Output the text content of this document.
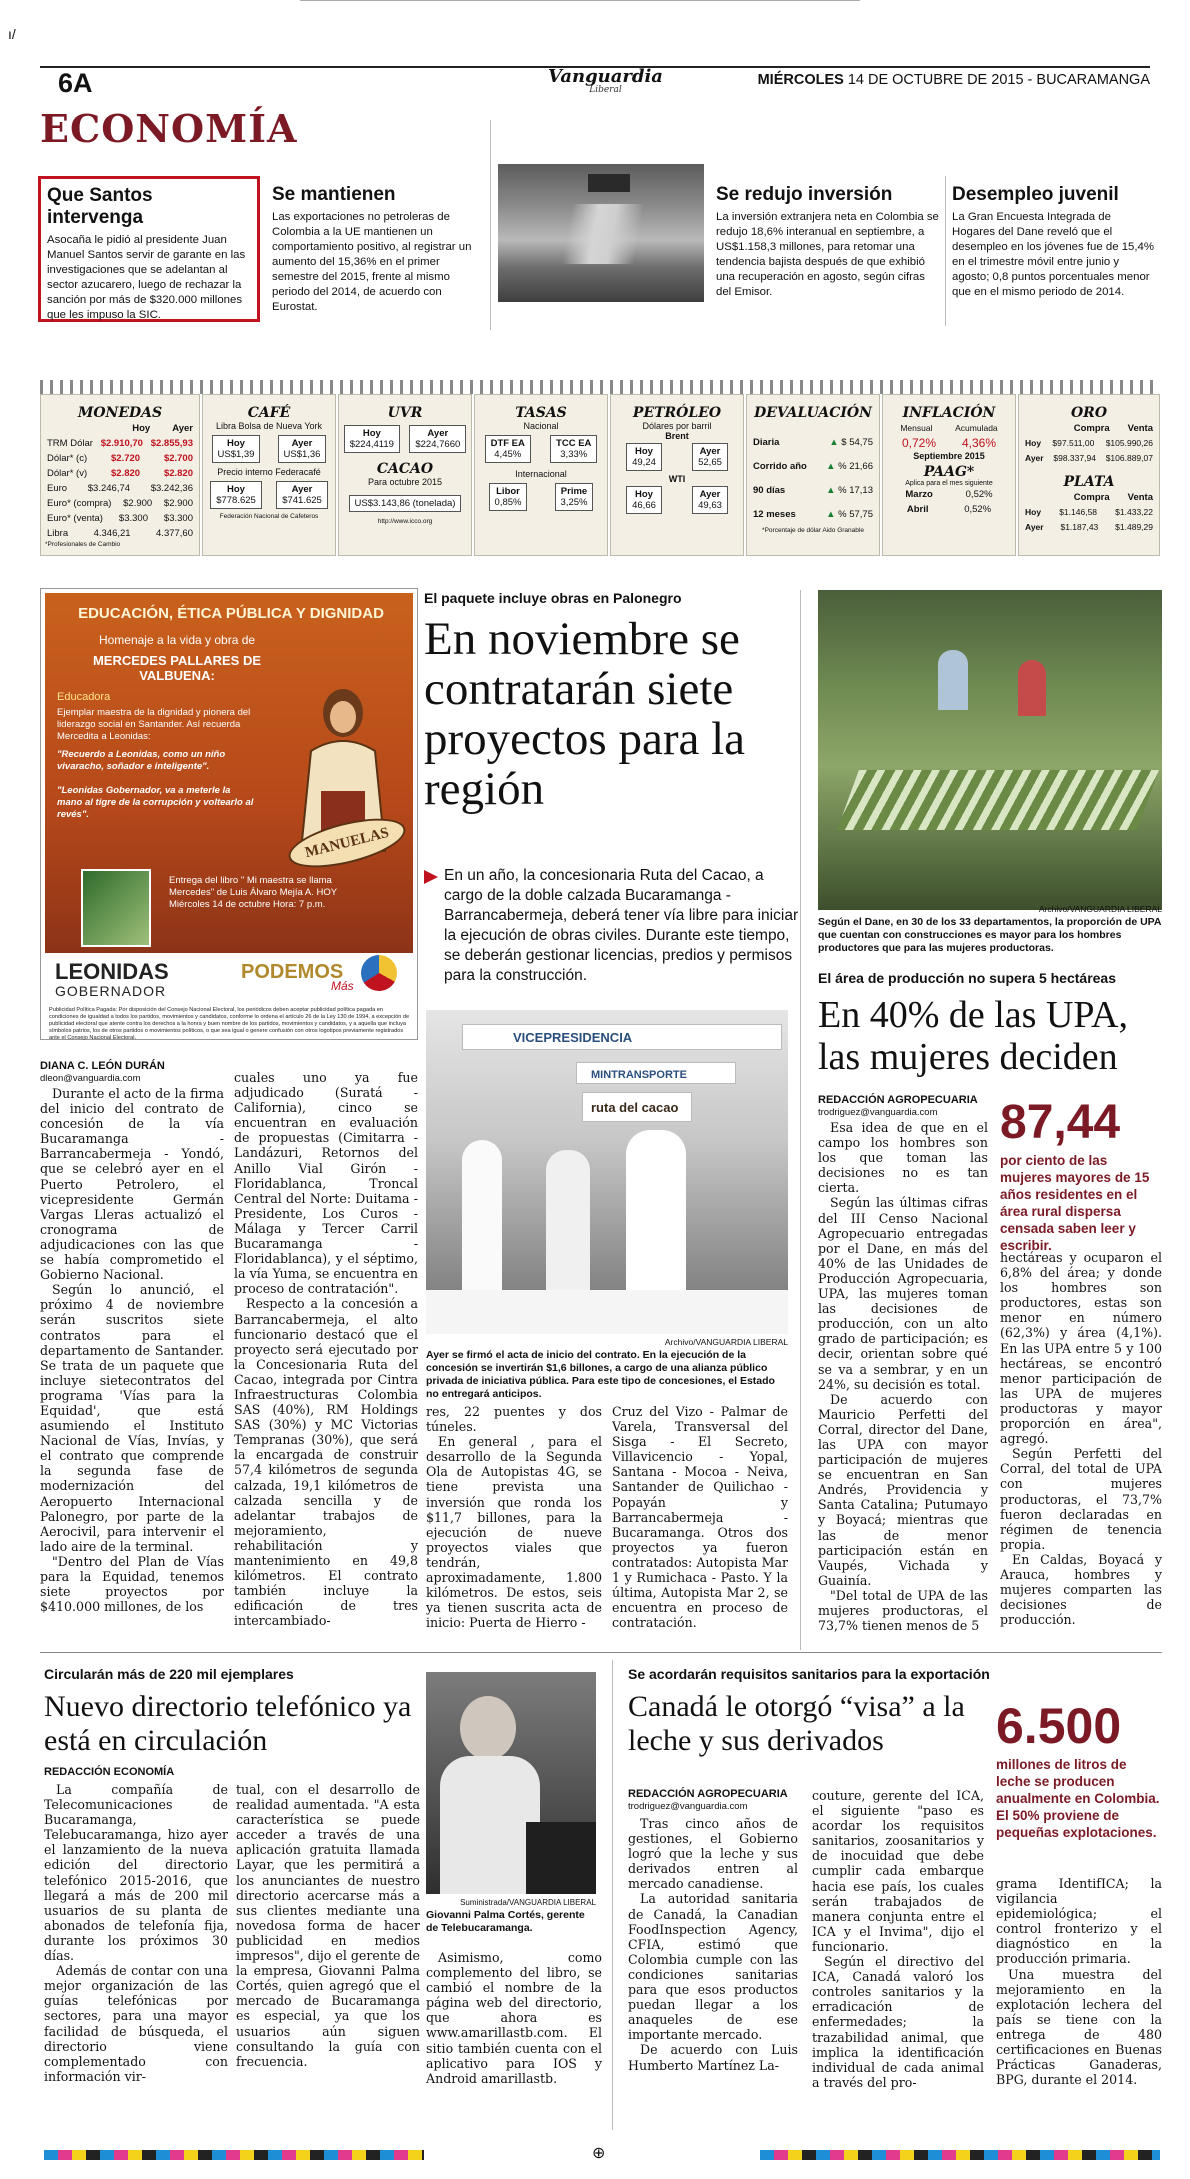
ı/
6A	Vanguardia
Liberal
MIÉRCOLES 14 DE OCTUBRE DE 2015 - BUCARAMANGA
ECONOMÍA
Que Santos intervenga

Asocaña le pidió al presidente Juan Manuel Santos servir de garante en las investigaciones que se adelantan al sector azucarero, luego de rechazar la sanción por más de $320.000 millones que les impuso la SIC.

Se mantienen

Las exportaciones no petroleras de Colombia a la UE mantienen un comportamiento positivo, al registrar un aumento del 15,36% en el primer semestre del 2015, frente al mismo periodo del 2014, de acuerdo con Eurostat.

Se redujo inversión

La inversión extranjera neta en Colombia se redujo 18,6% interanual en septiembre, a US$1.158,3 millones, para retomar una tendencia bajista después de que exhibió una recuperación en agosto, según cifras del Emisor.

Desempleo juvenil

La Gran Encuesta Integrada de Hogares del Dane reveló que el desempleo en los jóvenes fue de 15,4% en el trimestre móvil entre junio y agosto; 0,8 puntos porcentuales menor que en el mismo periodo de 2014.

MONEDAS
Hoy Ayer
TRM Dólar $2.910,70 $2.855,93
Dólar* (c)	$2.720	$2.700
Dólar* (v)	$2.820	$2.820
Euro $3.246,74 $3.242,36
Euro* (compra) $2.900 $2.900
Euro* (venta) $3.300 $3.300
Libra	4.346,21	4.377,60
*Profesionales de Cambio
CAFÉ
Libra Bolsa de Nueva York
Hoy
US$1,39
Ayer
US$1,36
Precio interno Federacafé
Hoy
$778.625
Ayer
$741.625
Federación Nacional de Cafeteros
UVR
Hoy
$224,4119
Ayer
$224,7660
CACAO
Para octubre 2015
US$3.143,86 (tonelada)
http://www.icco.org
TASAS
Nacional
DTF EA
4,45%
TCC EA
3,33%
Internacional
Libor
0,85%
Prime
3,25%
PETRÓLEO
Dólares por barril
Brent
Hoy
49,24
Ayer
52,65
WTI
Hoy
46,66
Ayer
49,63
DEVALUACIÓN
Diaria	▲ $ 54,75
Corrido año ▲ % 21,66
90 días	▲ % 17,13
12 meses	▲ % 57,75
*Porcentaje de dólar Aido Granable
INFLACIÓN
Mensual	Acumulada
0,72% 4,36%
Septiembre 2015
PAAG*
Aplica para el mes siguiente
Marzo	0,52%
Abril	0,52%
ORO
Compra Venta
Hoy $97.511,00 $105.990,26
Ayer $98.337,94 $106.889,07
PLATA
Compra Venta
Hoy $1.146,58 $1.433,22
Ayer $1.187,43 $1.489,29
EDUCACIÓN, ÉTICA PÚBLICA Y DIGNIDAD
Homenaje a la vida y obra de
MERCEDES PALLARES DE VALBUENA:
Educadora
Ejemplar maestra de la dignidad y pionera del liderazgo social en Santander. Así recuerda Mercedita a Leonidas:
"Recuerdo a Leonidas, como un niño vivaracho, soñador e inteligente".
"Leonidas Gobernador, va a meterle la mano al tigre de la corrupción y voltearlo al revés".
MANUELAS
Entrega del libro " Mi maestra se llama Mercedes" de Luis Álvaro Mejía A. HOY Miércoles 14 de octubre Hora: 7 p.m.
LEONIDAS
GOBERNADOR
PODEMOS
Más
Publicidad Política Pagada: Por disposición del Consejo Nacional Electoral, los periódicos deben aceptar publicidad política pagada en condiciones de igualdad a todos los partidos, movimientos y candidatos, conforme lo ordena el artículo 26 de la Ley 130 de 1994, a excepción de publicidad electoral que atente contra los derechos a la honra y buen nombre de los partidos, movimientos y candidatos, y a aquella que incluya símbolos patrios, los de otros partidos o movimientos políticos, o que sea igual o genere confusión con otros logotipos previamente registrados ante el Consejo Nacional Electoral.
El paquete incluye obras en Palonegro
En noviembre se contratarán siete proyectos para la región
En un año, la concesionaria Ruta del Cacao, a cargo de la doble calzada Bucaramanga - Barrancabermeja, deberá tener vía libre para iniciar la ejecución de obras civiles. Durante este tiempo, se deberán gestionar licencias, predios y permisos para la construcción.
DIANA C. LEÓN DURÁN
dleon@vanguardia.com

Durante el acto de la firma del inicio del contrato de concesión de la vía Bucaramanga - Barrancabermeja - Yondó, que se celebró ayer en el Puerto Petrolero, el vicepresidente Germán Vargas Lleras actualizó el cronograma de adjudicaciones con las que se había comprometido el Gobierno Nacional.

Según lo anunció, el próximo 4 de noviembre serán suscritos siete contratos para el departamento de Santander. Se trata de un paquete que incluye sietecontratos del programa 'Vías para la Equidad', que está asumiendo el Instituto Nacional de Vías, Invías, y el contrato que comprende la segunda fase de modernización del Aeropuerto Internacional Palonegro, por parte de la Aerocivil, para intervenir el lado aire de la terminal.

"Dentro del Plan de Vías para la Equidad, tenemos siete proyectos por $410.000 millones, de los

cuales uno ya fue adjudicado (Suratá - California), cinco se encuentran en evaluación de propuestas (Cimitarra - Landázuri, Retornos del Anillo Vial Girón - Floridablanca, Troncal Central del Norte: Duitama - Presidente, Los Curos - Málaga y Tercer Carril Bucaramanga - Floridablanca), y el séptimo, la vía Yuma, se encuentra en proceso de contratación".

Respecto a la concesión a Barrancabermeja, el alto funcionario destacó que el proyecto será ejecutado por la Concesionaria Ruta del Cacao, integrada por Cintra Infraestructuras Colombia SAS (40%), RM Holdings SAS (30%) y MC Victorias Tempranas (30%), que será la encargada de construir 57,4 kilómetros de segunda calzada, 19,1 kilómetros de calzada sencilla y de adelantar trabajos de mejoramiento, rehabilitación y mantenimiento en 49,8 kilómetros. El contrato también incluye la edificación de tres intercambiado-

VICEPRESIDENCIA
MINTRANSPORTE
ruta del cacao
Archivo/VANGUARDIA LIBERAL
Ayer se firmó el acta de inicio del contrato. En la ejecución de la concesión se invertirán $1,6 billones, a cargo de una alianza público privada de iniciativa pública. Para este tipo de concesiones, el Estado no entregará anticipos.

res, 22 puentes y dos túneles.

En general , para el desarrollo de la Segunda Ola de Autopistas 4G, se tiene prevista una inversión que ronda los $11,7 billones, para la ejecución de nueve proyectos viales que tendrán, aproximadamente, 1.800 kilómetros. De estos, seis ya tienen suscrita acta de inicio: Puerta de Hierro -

Cruz del Vizo - Palmar de Varela, Transversal del Sisga - El Secreto, Villavicencio - Yopal, Santana - Mocoa - Neiva, Santander de Quilichao - Popayán y Barrancabermeja - Bucaramanga. Otros dos proyectos ya fueron contratados: Autopista Mar 1 y Rumichaca - Pasto. Y la última, Autopista Mar 2, se encuentra en proceso de contratación.

Archivo/VANGUARDIA LIBERAL
Según el Dane, en 30 de los 33 departamentos, la proporción de UPA que cuentan con construcciones es mayor para los hombres productores que para las mujeres productoras.
El área de producción no supera 5 hectáreas
En 40% de las UPA, las mujeres deciden
REDACCIÓN AGROPECUARIA
trodriguez@vanguardia.com

Esa idea de que en el campo los hombres son los que toman las decisiones no es tan cierta.

Según las últimas cifras del III Censo Nacional Agropecuario entregadas por el Dane, en más del 40% de las Unidades de Producción Agropecuaria, UPA, las mujeres toman las decisiones de producción, con un alto grado de participación; es decir, orientan sobre qué se va a sembrar, y en un 24%, su decisión es total.

De acuerdo con Mauricio Perfetti del Corral, director del Dane, las UPA con mayor participación de mujeres se encuentran en San Andrés, Providencia y Santa Catalina; Putumayo y Boyacá; mientras que las de menor participación están en Vaupés, Vichada y Guainía.

"Del total de UPA de las mujeres productoras, el 73,7% tienen menos de 5

87,44
por ciento de las mujeres mayores de 15 años residentes en el área rural dispersa censada saben leer y escribir.

hectáreas y ocuparon el 6,8% del área; y donde los hombres son productores, estas son menor en número (62,3%) y área (4,1%). En las UPA entre 5 y 100 hectáreas, se encontró menor participación de las UPA de mujeres productoras y mayor proporción en área", agregó.

Según Perfetti del Corral, del total de UPA con mujeres productoras, el 73,7% fueron declaradas en régimen de tenencia propia.

En Caldas, Boyacá y Arauca, hombres y mujeres comparten las decisiones de producción.

Circularán más de 220 mil ejemplares
Nuevo directorio telefónico ya está en circulación
REDACCIÓN ECONOMÍA

La compañía de Telecomunicaciones de Bucaramanga, Telebucaramanga, hizo ayer el lanzamiento de la nueva edición del directorio telefónico 2015-2016, que llegará a más de 200 mil usuarios de su planta de abonados de telefonía fija, durante los próximos 30 días.

Además de contar con una mejor organización de las guías telefónicas por sectores, para una mayor facilidad de búsqueda, el directorio viene complementado con información vir-

tual, con el desarrollo de realidad aumentada. "A esta característica se puede acceder a través de una aplicación gratuita llamada Layar, que les permitirá a los anunciantes de nuestro directorio acercarse más a sus clientes mediante una novedosa forma de hacer publicidad en medios impresos", dijo el gerente de la empresa, Giovanni Palma Cortés, quien agregó que el mercado de Bucaramanga es especial, ya que los usuarios aún siguen consultando la guía con frecuencia.

Suministrada/VANGUARDIA LIBERAL
Giovanni Palma Cortés, gerente de Telebucaramanga.

Asimismo, como complemento del libro, se cambió el nombre de la página web del directorio, que ahora es www.amarillastb.com. El sitio también cuenta con el aplicativo para IOS y Android amarillastb.

Se acordarán requisitos sanitarios para la exportación
Canadá le otorgó “visa” a la leche y sus derivados
REDACCIÓN AGROPECUARIA
trodriguez@vanguardia.com

Tras cinco años de gestiones, el Gobierno logró que la leche y sus derivados entren al mercado canadiense.

La autoridad sanitaria de Canadá, la Canadian FoodInspection Agency, CFIA, estimó que Colombia cumple con las condiciones sanitarias para que esos productos puedan llegar a los anaqueles de ese importante mercado.

De acuerdo con Luis Humberto Martínez La-

couture, gerente del ICA, el siguiente "paso es acordar los requisitos sanitarios, zoosanitarios y de inocuidad que debe cumplir cada embarque hacia ese país, los cuales serán trabajados de manera conjunta entre el ICA y el Invima", dijo el funcionario.

Según el directivo del ICA, Canadá valoró los controles sanitarios y la erradicación de enfermedades; la trazabilidad animal, que implica la identificación individual de cada animal a través del pro-

6.500
millones de litros de leche se producen anualmente en Colombia. El 50% proviene de pequeñas explotaciones.

grama IdentifICA; la vigilancia epidemiológica; el control fronterizo y el diagnóstico en la producción primaria.

Una muestra del mejoramiento en la explotación lechera del país se tiene con la entrega de 480 certificaciones en Buenas Prácticas Ganaderas, BPG, durante el 2014.

⊕
